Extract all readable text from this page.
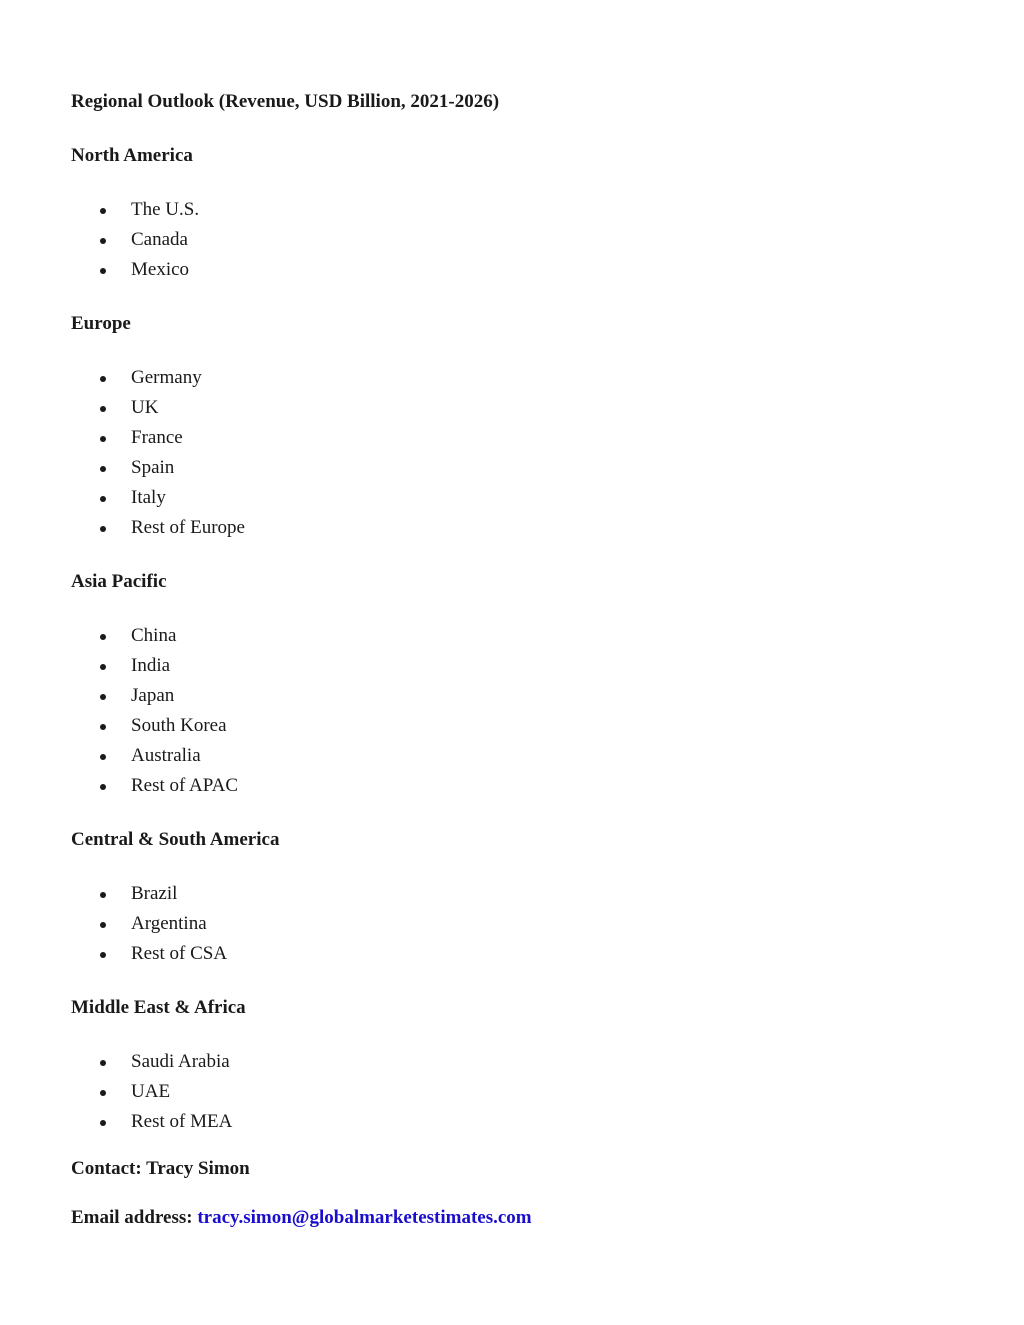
Regional Outlook (Revenue, USD Billion, 2021-2026)
North America
The U.S.
Canada
Mexico
Europe
Germany
UK
France
Spain
Italy
Rest of Europe
Asia Pacific
China
India
Japan
South Korea
Australia
Rest of APAC
Central & South America
Brazil
Argentina
Rest of CSA
Middle East & Africa
Saudi Arabia
UAE
Rest of MEA
Contact: Tracy Simon
Email address: tracy.simon@globalmarketestimates.com
